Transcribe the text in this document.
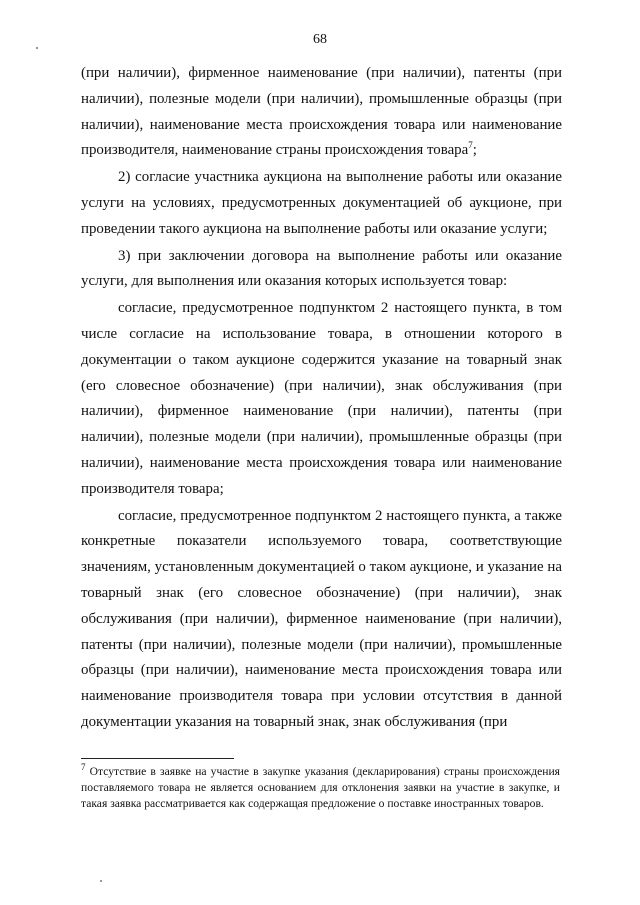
68

(при наличии), фирменное наименование (при наличии), патенты (при наличии), полезные модели (при наличии), промышленные образцы (при наличии), наименование места происхождения товара или наименование производителя, наименование страны происхождения товара$^7$;

2) согласие участника аукциона на выполнение работы или оказание услуги на условиях, предусмотренных документацией об аукционе, при проведении такого аукциона на выполнение работы или оказание услуги;

3) при заключении договора на выполнение работы или оказание услуги, для выполнения или оказания которых используется товар:

согласие, предусмотренное подпунктом 2 настоящего пункта, в том числе согласие на использование товара, в отношении которого в документации о таком аукционе содержится указание на товарный знак (его словесное обозначение) (при наличии), знак обслуживания (при наличии), фирменное наименование (при наличии), патенты (при наличии), полезные модели (при наличии), промышленные образцы (при наличии), наименование места происхождения товара или наименование производителя товара;

согласие, предусмотренное подпунктом 2 настоящего пункта, а также конкретные показатели используемого товара, соответствующие значениям, установленным документацией о таком аукционе, и указание на товарный знак (его словесное обозначение) (при наличии), знак обслуживания (при наличии), фирменное наименование (при наличии), патенты (при наличии), полезные модели (при наличии), промышленные образцы (при наличии), наименование места происхождения товара или наименование производителя товара при условии отсутствия в данной документации указания на товарный знак, знак обслуживания (при

$^7$ Отсутствие в заявке на участие в закупке указания (декларирования) страны происхождения поставляемого товара не является основанием для отклонения заявки на участие в закупке, и такая заявка рассматривается как содержащая предложение о поставке иностранных товаров.
